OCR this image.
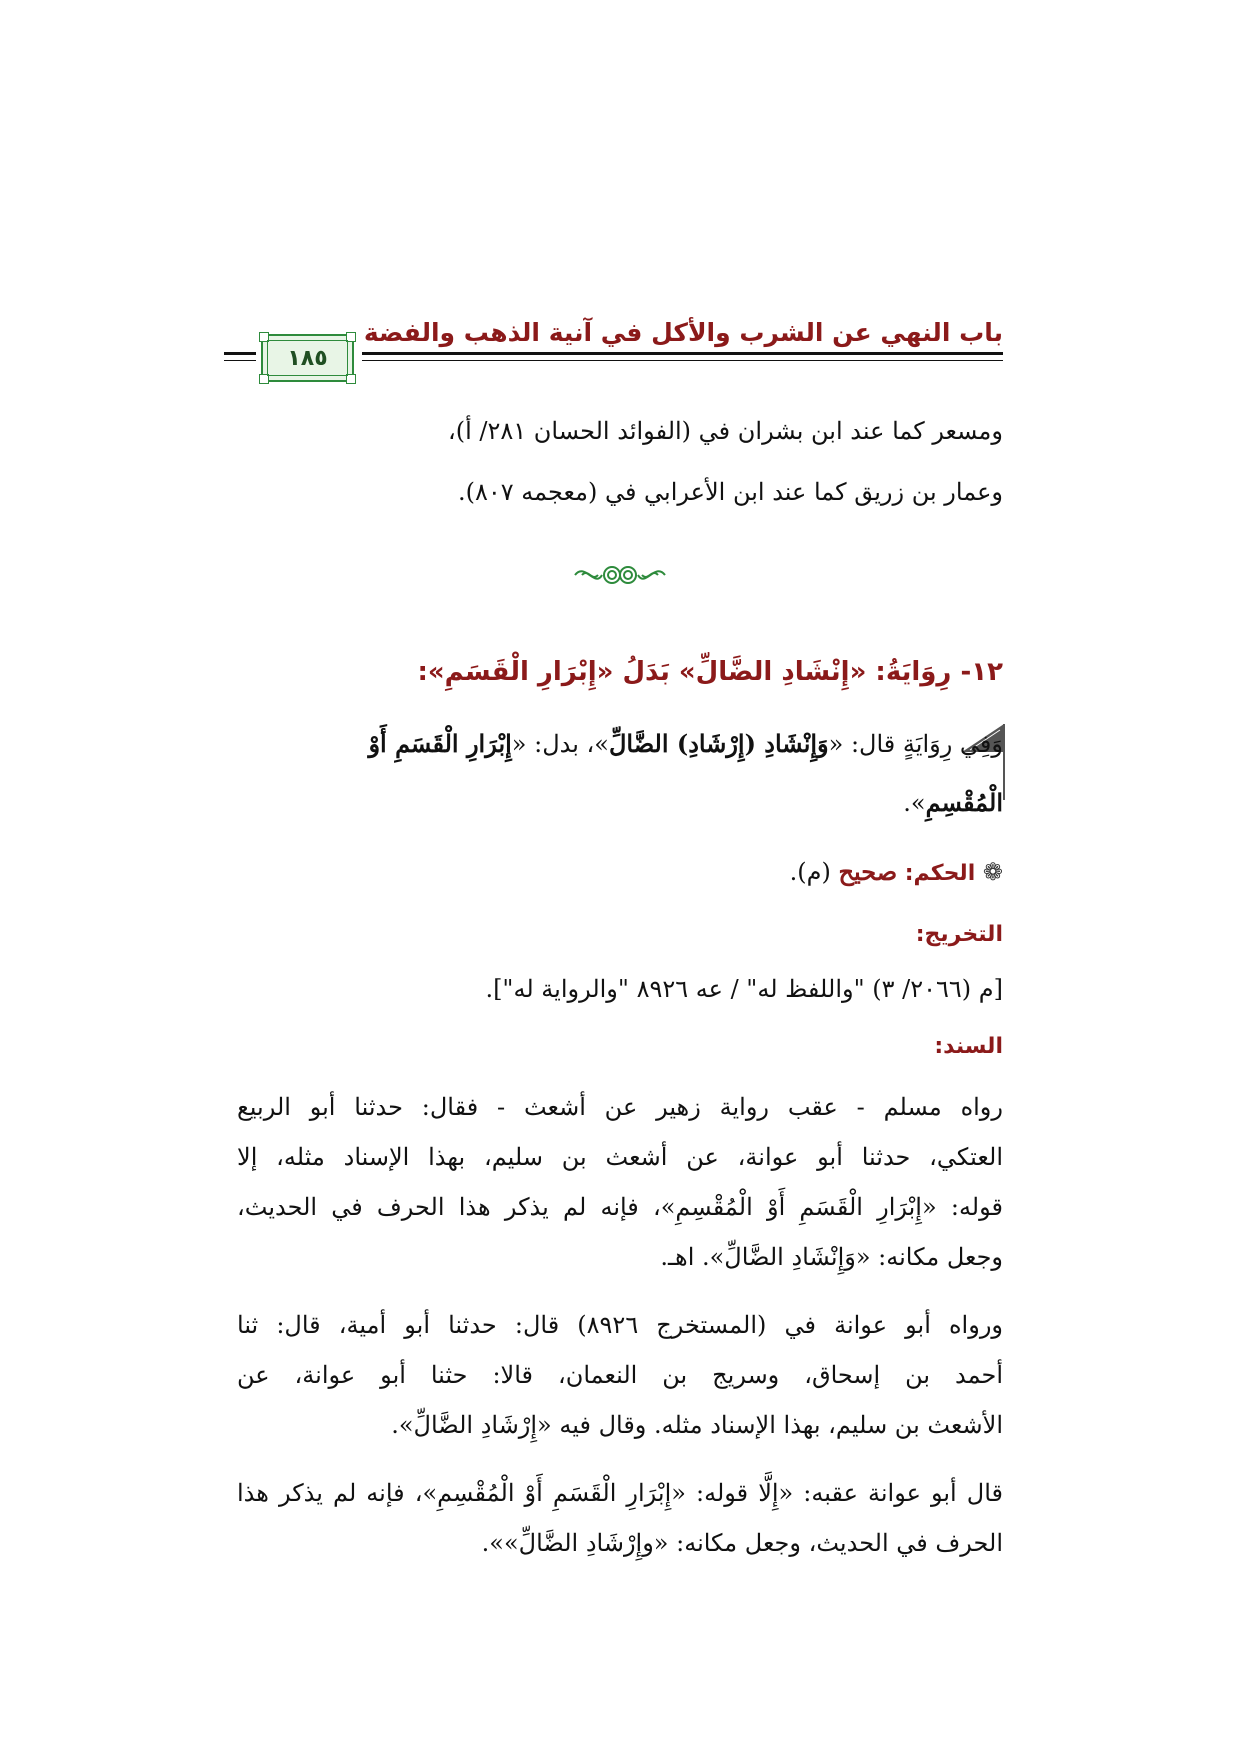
باب النهي عن الشرب والأكل في آنية الذهب والفضة
١٨٥
ومسعر كما عند ابن بشران في (الفوائد الحسان ٢٨١/ أ)،
وعمار بن زريق كما عند ابن الأعرابي في (معجمه ٨٠٧).
١٢- رِوَايَةُ: «إِنْشَادِ الضَّالِّ» بَدَلُ «إِبْرَارِ الْقَسَمِ»:
وَفِي رِوَايَةٍ قال: «وَإِنْشَادِ (إِرْشَادِ) الضَّالِّ»، بدل: «إِبْرَارِ الْقَسَمِ أَوْ
الْمُقْسِمِ».
❁ الحكم: صحيح (م).
التخريج:
[م (٢٠٦٦/ ٣) "واللفظ له" / عه ٨٩٢٦ "والرواية له"].
السند:
رواه مسلم - عقب رواية زهير عن أشعث - فقال: حدثنا أبو الربيع
العتكي، حدثنا أبو عوانة، عن أشعث بن سليم، بهذا الإسناد مثله، إلا
قوله: «إِبْرَارِ الْقَسَمِ أَوْ الْمُقْسِمِ»، فإنه لم يذكر هذا الحرف في الحديث،
وجعل مكانه: «وَإِنْشَادِ الضَّالِّ». اهـ.
ورواه أبو عوانة في (المستخرج ٨٩٢٦) قال: حدثنا أبو أمية، قال: ثنا
أحمد بن إسحاق، وسريج بن النعمان، قالا: حثنا أبو عوانة، عن
الأشعث بن سليم، بهذا الإسناد مثله. وقال فيه «إِرْشَادِ الضَّالِّ».
قال أبو عوانة عقبه: «إِلَّا قوله: «إِبْرَارِ الْقَسَمِ أَوْ الْمُقْسِمِ»، فإنه لم يذكر هذا
الحرف في الحديث، وجعل مكانه: «وإِرْشَادِ الضَّالِّ»».
